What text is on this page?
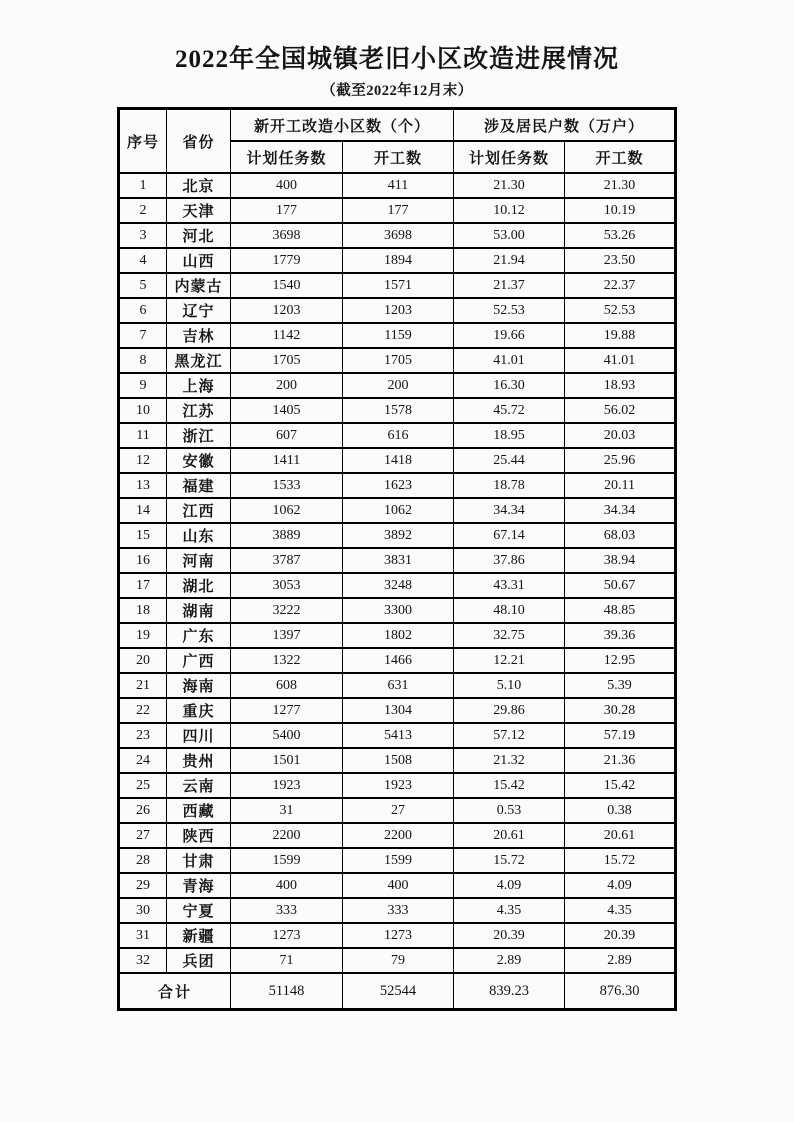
2022年全国城镇老旧小区改造进展情况
（截至2022年12月末）
序号	省份	新开工改造小区数（个）		涉及居民户数（万户）	
		计划任务数	开工数	计划任务数	开工数
1	北京	400	411	21.30	21.30
2	天津	177	177	10.12	10.19
3	河北	3698	3698	53.00	53.26
4	山西	1779	1894	21.94	23.50
5	内蒙古	1540	1571	21.37	22.37
6	辽宁	1203	1203	52.53	52.53
7	吉林	1142	1159	19.66	19.88
8	黑龙江	1705	1705	41.01	41.01
9	上海	200	200	16.30	18.93
10	江苏	1405	1578	45.72	56.02
11	浙江	607	616	18.95	20.03
12	安徽	1411	1418	25.44	25.96
13	福建	1533	1623	18.78	20.11
14	江西	1062	1062	34.34	34.34
15	山东	3889	3892	67.14	68.03
16	河南	3787	3831	37.86	38.94
17	湖北	3053	3248	43.31	50.67
18	湖南	3222	3300	48.10	48.85
19	广东	1397	1802	32.75	39.36
20	广西	1322	1466	12.21	12.95
21	海南	608	631	5.10	5.39
22	重庆	1277	1304	29.86	30.28
23	四川	5400	5413	57.12	57.19
24	贵州	1501	1508	21.32	21.36
25	云南	1923	1923	15.42	15.42
26	西藏	31	27	0.53	0.38
27	陕西	2200	2200	20.61	20.61
28	甘肃	1599	1599	15.72	15.72
29	青海	400	400	4.09	4.09
30	宁夏	333	333	4.35	4.35
31	新疆	1273	1273	20.39	20.39
32	兵团	71	79	2.89	2.89
合计		51148	52544	839.23	876.30
